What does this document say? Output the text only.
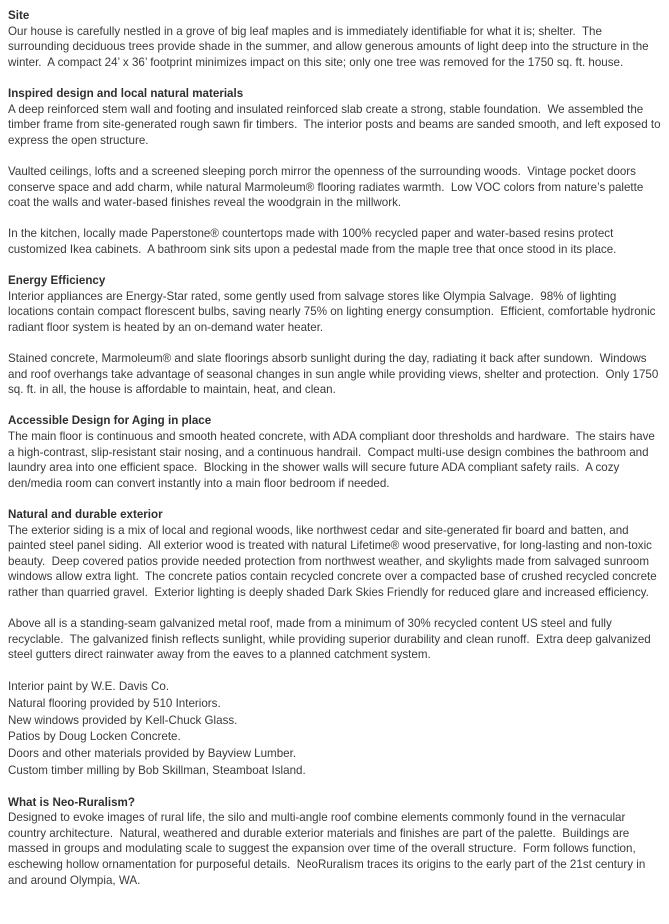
Site
Our house is carefully nestled in a grove of big leaf maples and is immediately identifiable for what it is; shelter.  The surrounding deciduous trees provide shade in the summer, and allow generous amounts of light deep into the structure in the winter.  A compact 24’ x 36’ footprint minimizes impact on this site; only one tree was removed for the 1750 sq. ft. house.
Inspired design and local natural materials
A deep reinforced stem wall and footing and insulated reinforced slab create a strong, stable foundation.  We assembled the timber frame from site-generated rough sawn fir timbers.  The interior posts and beams are sanded smooth, and left exposed to express the open structure.
Vaulted ceilings, lofts and a screened sleeping porch mirror the openness of the surrounding woods.  Vintage pocket doors conserve space and add charm, while natural Marmoleum® flooring radiates warmth.  Low VOC colors from nature’s palette coat the walls and water-based finishes reveal the woodgrain in the millwork.
In the kitchen, locally made Paperstone® countertops made with 100% recycled paper and water-based resins protect customized Ikea cabinets.  A bathroom sink sits upon a pedestal made from the maple tree that once stood in its place.
Energy Efficiency
Interior appliances are Energy-Star rated, some gently used from salvage stores like Olympia Salvage.  98% of lighting locations contain compact florescent bulbs, saving nearly 75% on lighting energy consumption.  Efficient, comfortable hydronic radiant floor system is heated by an on-demand water heater.
Stained concrete, Marmoleum® and slate floorings absorb sunlight during the day, radiating it back after sundown.  Windows and roof overhangs take advantage of seasonal changes in sun angle while providing views, shelter and protection.  Only 1750 sq. ft. in all, the house is affordable to maintain, heat, and clean.
Accessible Design for Aging in place
The main floor is continuous and smooth heated concrete, with ADA compliant door thresholds and hardware.  The stairs have a high-contrast, slip-resistant stair nosing, and a continuous handrail.  Compact multi-use design combines the bathroom and laundry area into one efficient space.  Blocking in the shower walls will secure future ADA compliant safety rails.  A cozy den/media room can convert instantly into a main floor bedroom if needed.
Natural and durable exterior
The exterior siding is a mix of local and regional woods, like northwest cedar and site-generated fir board and batten, and painted steel panel siding.  All exterior wood is treated with natural Lifetime® wood preservative, for long-lasting and non-toxic beauty.  Deep covered patios provide needed protection from northwest weather, and skylights made from salvaged sunroom windows allow extra light.  The concrete patios contain recycled concrete over a compacted base of crushed recycled concrete rather than quarried gravel.  Exterior lighting is deeply shaded Dark Skies Friendly for reduced glare and increased efficiency.
Above all is a standing-seam galvanized metal roof, made from a minimum of 30% recycled content US steel and fully recyclable.  The galvanized finish reflects sunlight, while providing superior durability and clean runoff.  Extra deep galvanized steel gutters direct rainwater away from the eaves to a planned catchment system.
Interior paint by W.E. Davis Co.
Natural flooring provided by 510 Interiors.
New windows provided by Kell-Chuck Glass.
Patios by Doug Locken Concrete.
Doors and other materials provided by Bayview Lumber.
Custom timber milling by Bob Skillman, Steamboat Island.
What is Neo-Ruralism?
Designed to evoke images of rural life, the silo and multi-angle roof combine elements commonly found in the vernacular country architecture.  Natural, weathered and durable exterior materials and finishes are part of the palette.  Buildings are massed in groups and modulating scale to suggest the expansion over time of the overall structure.  Form follows function, eschewing hollow ornamentation for purposeful details.  NeoRuralism traces its origins to the early part of the 21st century in and around Olympia, WA.
